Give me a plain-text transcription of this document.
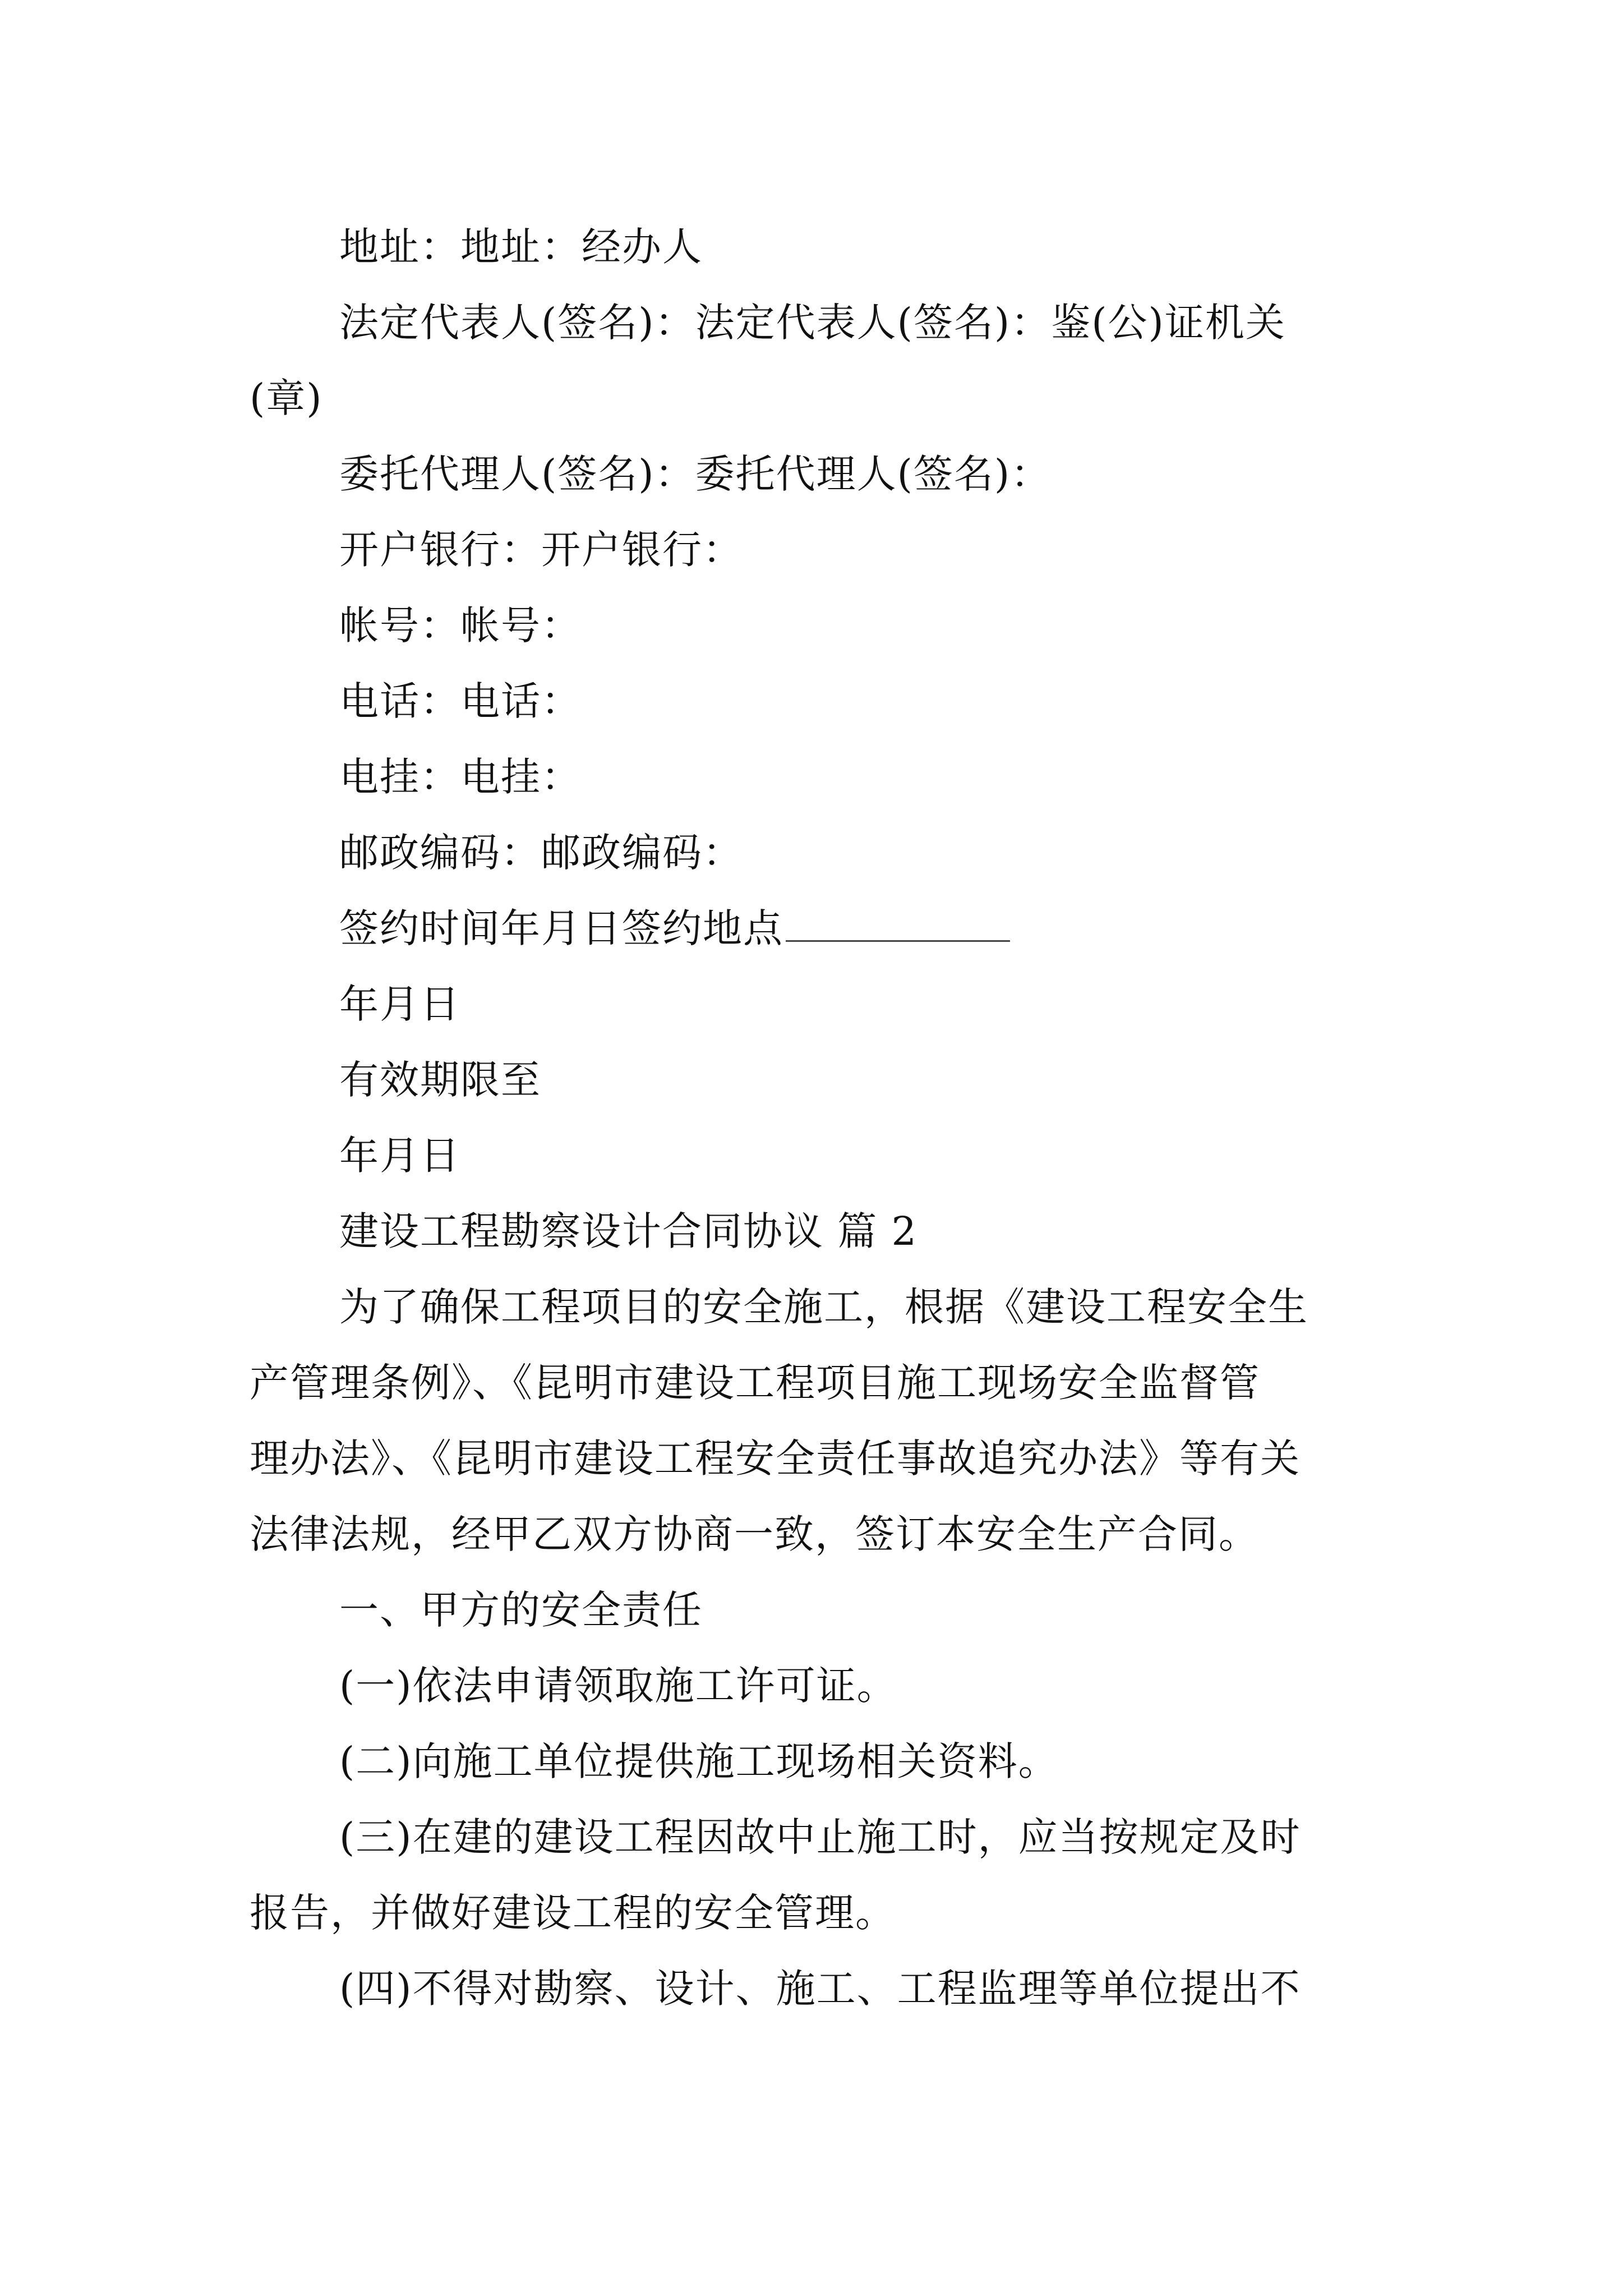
地址：地址：经办人
法定代表人(签名)：法定代表人(签名)：鉴(公)证机关
(章)
委托代理人(签名)：委托代理人(签名)：
开户银行：开户银行：
帐号：帐号：
电话：电话：
电挂：电挂：
邮政编码：邮政编码：
签约时间年月日签约地点
年月日
有效期限至
年月日
建设工程勘察设计合同协议 篇 2
为了确保工程项目的安全施工，根据《建设工程安全生
产管理条例》、《昆明市建设工程项目施工现场安全监督管
理办法》、《昆明市建设工程安全责任事故追究办法》等有关
法律法规，经甲乙双方协商一致，签订本安全生产合同。
一、甲方的安全责任
(一)依法申请领取施工许可证。
(二)向施工单位提供施工现场相关资料。
(三)在建的建设工程因故中止施工时，应当按规定及时
报告，并做好建设工程的安全管理。
(四)不得对勘察、设计、施工、工程监理等单位提出不
